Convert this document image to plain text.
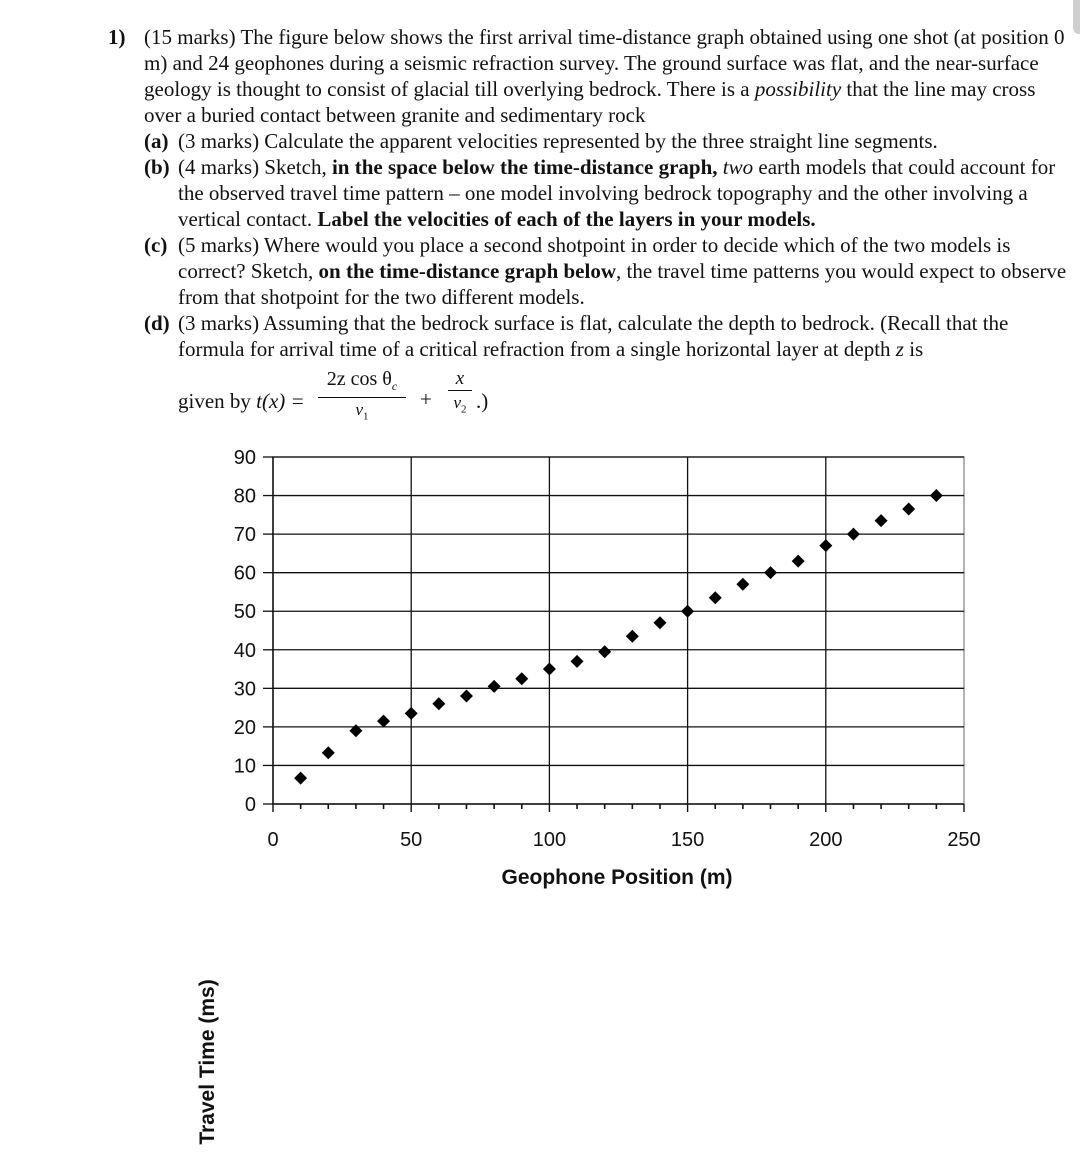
1) (15 marks) The figure below shows the first arrival time-distance graph obtained using one shot (at position 0 m) and 24 geophones during a seismic refraction survey. The ground surface was flat, and the near-surface geology is thought to consist of glacial till overlying bedrock. There is a possibility that the line may cross over a buried contact between granite and sedimentary rock
(a) (3 marks) Calculate the apparent velocities represented by the three straight line segments.
(b) (4 marks) Sketch, in the space below the time-distance graph, two earth models that could account for the observed travel time pattern – one model involving bedrock topography and the other involving a vertical contact. Label the velocities of each of the layers in your models.
(c) (5 marks) Where would you place a second shotpoint in order to decide which of the two models is correct? Sketch, on the time-distance graph below, the travel time patterns you would expect to observe from that shotpoint for the two different models.
(d) (3 marks) Assuming that the bedrock surface is flat, calculate the depth to bedrock. (Recall that the formula for arrival time of a critical refraction from a single horizontal layer at depth z is
given by $t(x) = \frac{2z \cos \theta_c}{v_1} + \frac{x}{v_2}$ .)
0
10
20
30
40
50
60
70
80
90
0	50	100	150	200	250
Geophone Position (m)
Travel Time (ms)
